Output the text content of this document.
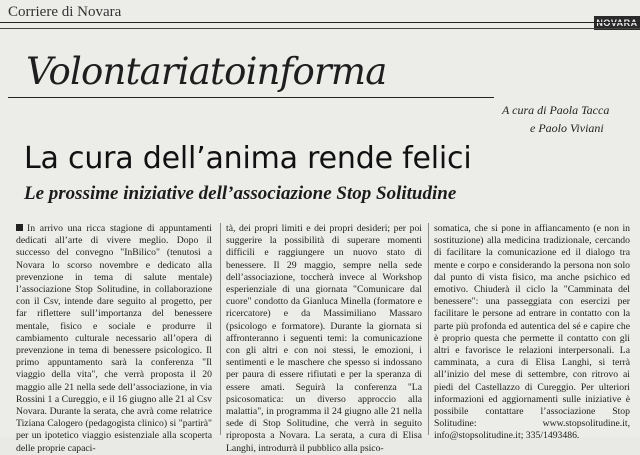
Corriere di Novara
NOVARA
Volontariatoinforma
A cura di Paola Tacca
e Paolo Viviani
La cura dell’anima rende felici
Le prossime iniziative dell’associazione Stop Solitudine
In arrivo una ricca stagione di appuntamenti dedicati all’arte di vivere meglio. Dopo il successo del convegno "InBilico" (tenutosi a Novara lo scorso novembre e dedicato alla prevenzione in tema di salute mentale) l’associazione Stop Solitudine, in collaborazione con il Csv, intende dare seguito al progetto, per far riflettere sull’importanza del benessere mentale, fisico e sociale e produrre il cambiamento culturale necessario all’opera di prevenzione in tema di benessere psicologico. Il primo appuntamento sarà la conferenza "Il viaggio della vita", che verrà proposta il 20 maggio alle 21 nella sede dell’associazione, in via Rossini 1 a Cureggio, e il 16 giugno alle 21 al Csv Novara. Durante la serata, che avrà come relatrice Tiziana Calogero (pedagogista clinico) si "partirà" per un ipotetico viaggio esistenziale alla scoperta delle proprie capaci-
tà, dei propri limiti e dei propri desideri; per poi suggerire la possibilità di superare momenti difficili e raggiungere un nuovo stato di benessere. Il 29 maggio, sempre nella sede dell’associazione, toccherà invece al Workshop esperienziale di una giornata "Comunicare dal cuore" condotto da Gianluca Minella (formatore e ricercatore) e da Massimiliano Massaro (psicologo e formatore). Durante la giornata si affronteranno i seguenti temi: la comunicazione con gli altri e con noi stessi, le emozioni, i sentimenti e le maschere che spesso si indossano per paura di essere rifiutati e per la speranza di essere amati. Seguirà la conferenza "La psicosomatica: un diverso approccio alla malattia", in programma il 24 giugno alle 21 nella sede di Stop Solitudine, che verrà in seguito riproposta a Novara. La serata, a cura di Elisa Langhi, introdurrà il pubblico alla psico-
somatica, che si pone in affiancamento (e non in sostituzione) alla medicina tradizionale, cercando di facilitare la comunicazione ed il dialogo tra mente e corpo e considerando la persona non solo dal punto di vista fisico, ma anche psichico ed emotivo. Chiuderà il ciclo la "Camminata del benessere": una passeggiata con esercizi per facilitare le persone ad entrare in contatto con la parte più profonda ed autentica del sé e capire che è proprio questa che permette il contatto con gli altri e favorisce le relazioni interpersonali. La camminata, a cura di Elisa Langhi, si terrà all’inizio del mese di settembre, con ritrovo ai piedi del Castellazzo di Cureggio. Per ulteriori informazioni ed aggiornamenti sulle iniziative è possibile contattare l’associazione Stop Solitudine: www.stopsolitudine.it, info@stopsolitudine.it; 335/1493486.
